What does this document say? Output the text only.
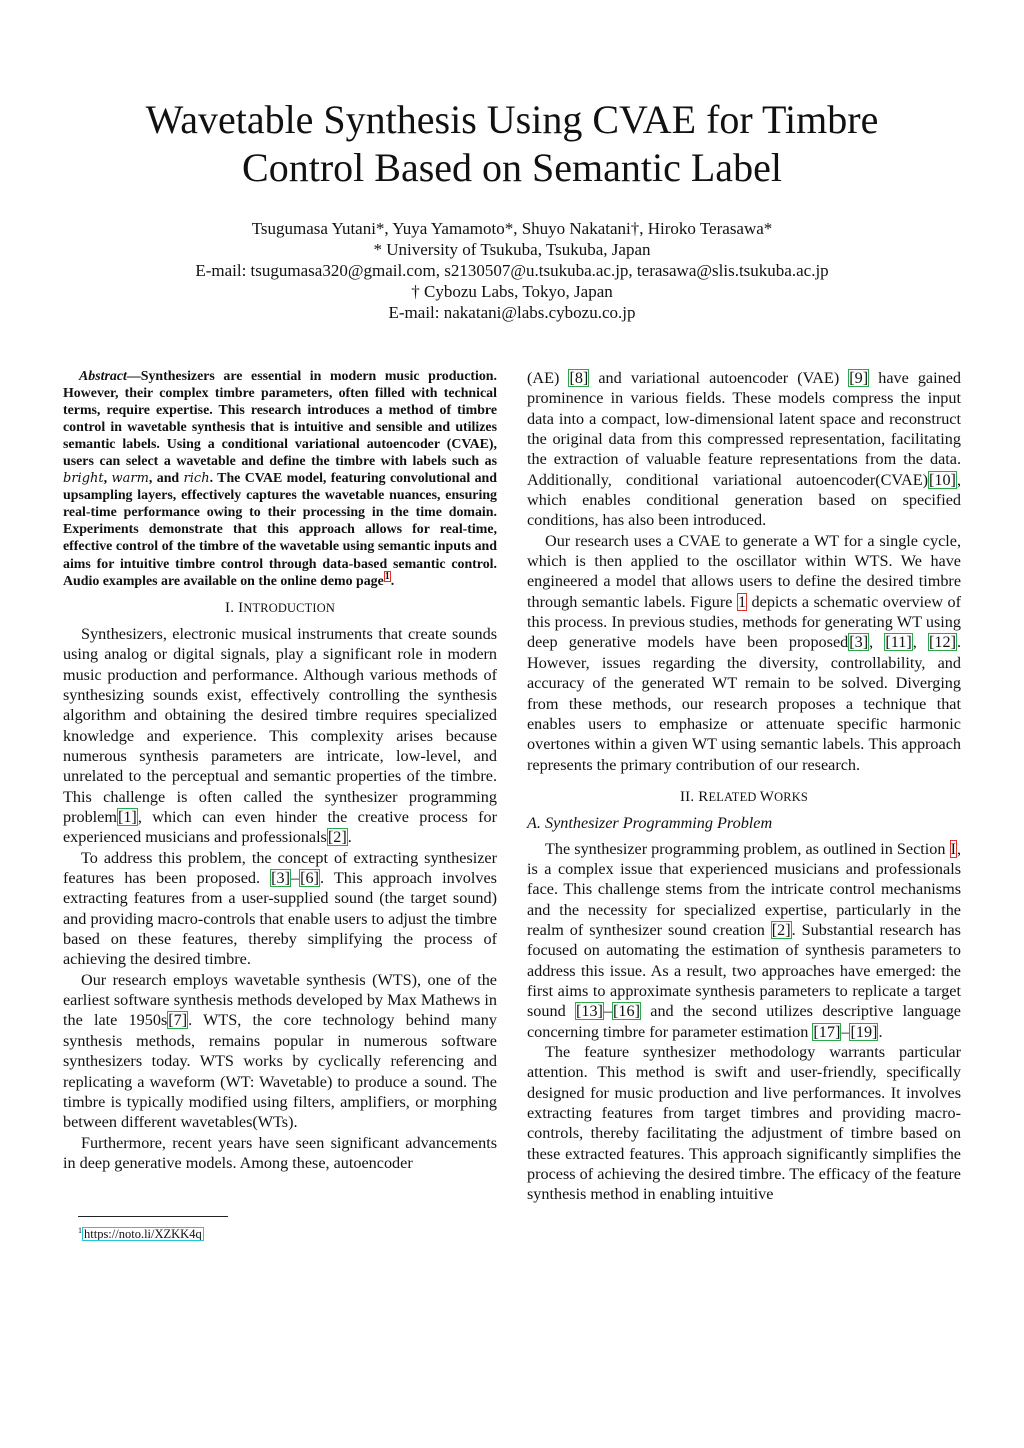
Wavetable Synthesis Using CVAE for Timbre
Control Based on Semantic Label
Tsugumasa Yutani*, Yuya Yamamoto*, Shuyo Nakatani†, Hiroko Terasawa*
* University of Tsukuba, Tsukuba, Japan
E-mail: tsugumasa320@gmail.com, s2130507@u.tsukuba.ac.jp, terasawa@slis.tsukuba.ac.jp
† Cybozu Labs, Tokyo, Japan
E-mail: nakatani@labs.cybozu.co.jp

Abstract—Synthesizers are essential in modern music production. However, their complex timbre parameters, often filled with technical terms, require expertise. This research introduces a method of timbre control in wavetable synthesis that is intuitive and sensible and utilizes semantic labels. Using a conditional variational autoencoder (CVAE), users can select a wavetable and define the timbre with labels such as bright, warm, and rich. The CVAE model, featuring convolutional and upsampling layers, effectively captures the wavetable nuances, ensuring real-time performance owing to their processing in the time domain. Experiments demonstrate that this approach allows for real-time, effective control of the timbre of the wavetable using semantic inputs and aims for intuitive timbre control through data-based semantic control. Audio examples are available on the online demo page$^1$.

I. INTRODUCTION

Synthesizers, electronic musical instruments that create sounds using analog or digital signals, play a significant role in modern music production and performance. Although various methods of synthesizing sounds exist, effectively controlling the synthesis algorithm and obtaining the desired timbre requires specialized knowledge and experience. This complexity arises because numerous synthesis parameters are intricate, low-level, and unrelated to the perceptual and semantic properties of the timbre. This challenge is often called the synthesizer programming problem[1], which can even hinder the creative process for experienced musicians and professionals[2].

To address this problem, the concept of extracting synthesizer features has been proposed. [3]–[6]. This approach involves extracting features from a user-supplied sound (the target sound) and providing macro-controls that enable users to adjust the timbre based on these features, thereby simplifying the process of achieving the desired timbre.

Our research employs wavetable synthesis (WTS), one of the earliest software synthesis methods developed by Max Mathews in the late 1950s[7]. WTS, the core technology behind many synthesis methods, remains popular in numerous software synthesizers today. WTS works by cyclically referencing and replicating a waveform (WT: Wavetable) to produce a sound. The timbre is typically modified using filters, amplifiers, or morphing between different wavetables(WTs).

Furthermore, recent years have seen significant advancements in deep generative models. Among these, autoencoder

$^1$ https://noto.li/XZKK4q

(AE) [8] and variational autoencoder (VAE) [9] have gained prominence in various fields. These models compress the input data into a compact, low-dimensional latent space and reconstruct the original data from this compressed representation, facilitating the extraction of valuable feature representations from the data. Additionally, conditional variational autoencoder(CVAE)[10], which enables conditional generation based on specified conditions, has also been introduced.

Our research uses a CVAE to generate a WT for a single cycle, which is then applied to the oscillator within WTS. We have engineered a model that allows users to define the desired timbre through semantic labels. Figure 1 depicts a schematic overview of this process. In previous studies, methods for generating WT using deep generative models have been proposed[3], [11], [12]. However, issues regarding the diversity, controllability, and accuracy of the generated WT remain to be solved. Diverging from these methods, our research proposes a technique that enables users to emphasize or attenuate specific harmonic overtones within a given WT using semantic labels. This approach represents the primary contribution of our research.

II. RELATED WORKS
A. Synthesizer Programming Problem

The synthesizer programming problem, as outlined in Section I, is a complex issue that experienced musicians and professionals face. This challenge stems from the intricate control mechanisms and the necessity for specialized expertise, particularly in the realm of synthesizer sound creation [2]. Substantial research has focused on automating the estimation of synthesis parameters to address this issue. As a result, two approaches have emerged: the first aims to approximate synthesis parameters to replicate a target sound [13]–[16] and the second utilizes descriptive language concerning timbre for parameter estimation [17]–[19].

The feature synthesizer methodology warrants particular attention. This method is swift and user-friendly, specifically designed for music production and live performances. It involves extracting features from target timbres and providing macro-controls, thereby facilitating the adjustment of timbre based on these extracted features. This approach significantly simplifies the process of achieving the desired timbre. The efficacy of the feature synthesis method in enabling intuitive
